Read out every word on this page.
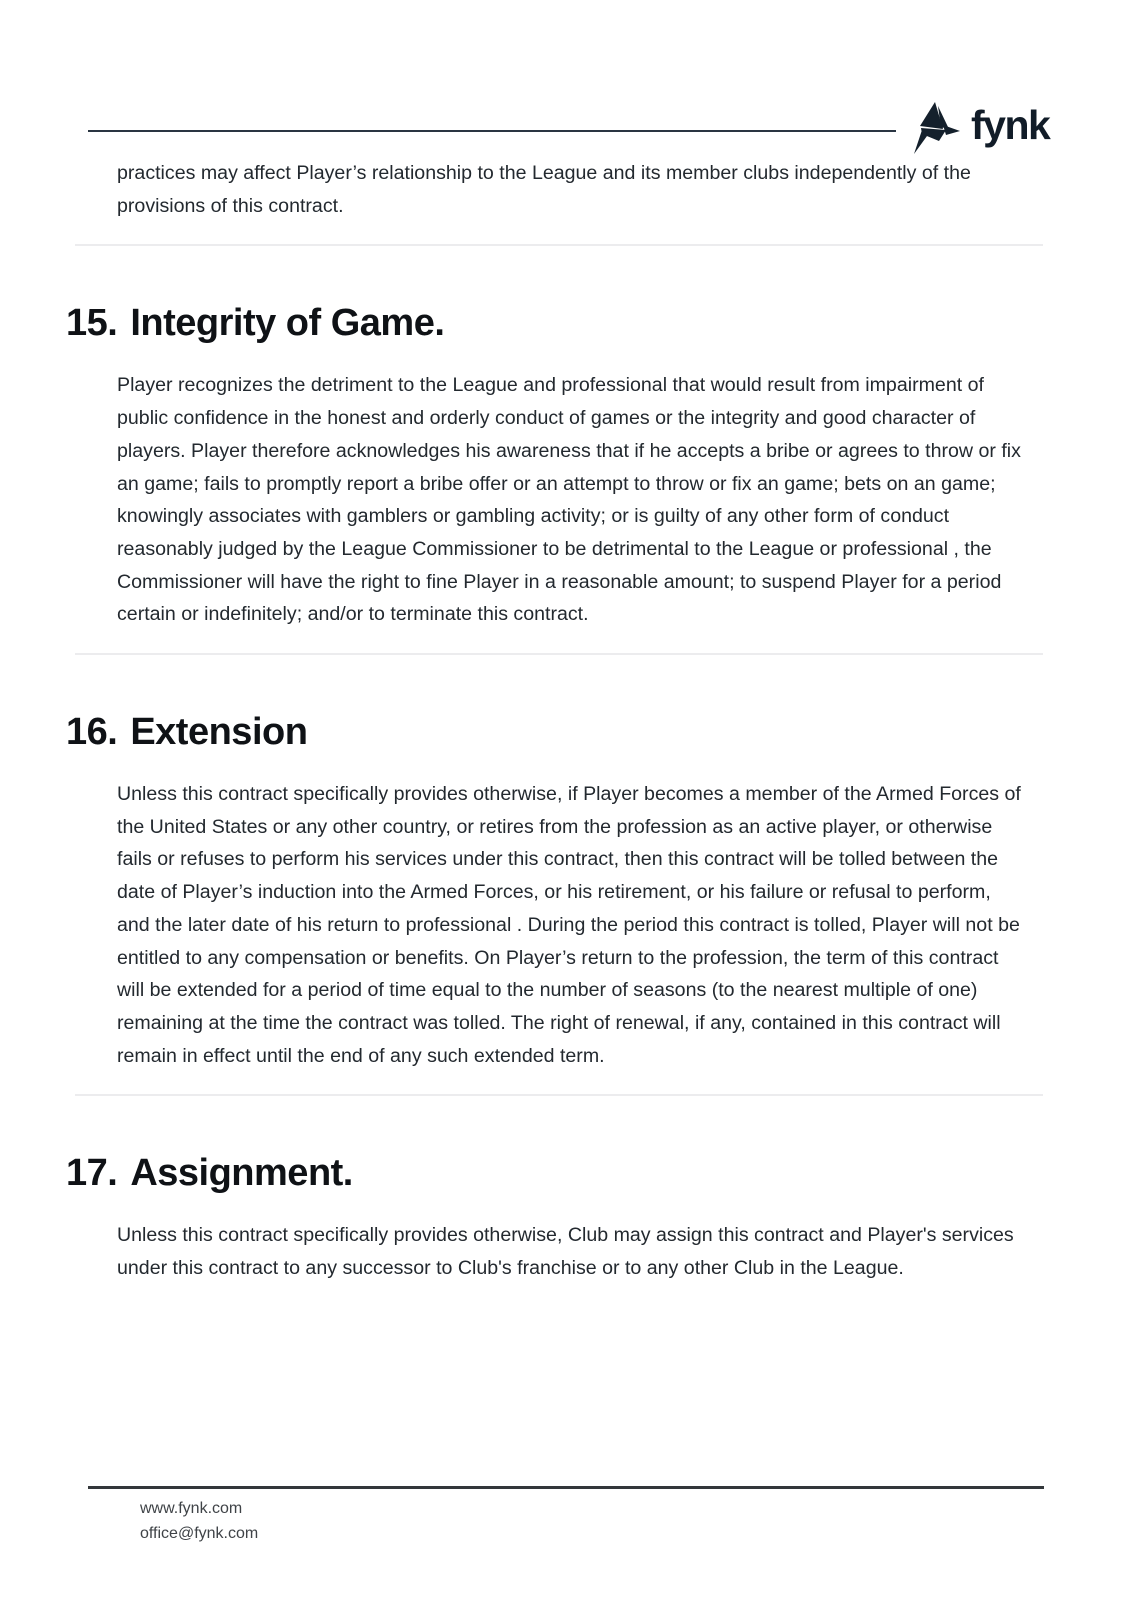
fynk

practices may affect Player’s relationship to the League and its member clubs independently of the provisions of this contract.

15. Integrity of Game.

Player recognizes the detriment to the League and professional that would result from impairment of public confidence in the honest and orderly conduct of games or the integrity and good character of players. Player therefore acknowledges his awareness that if he accepts a bribe or agrees to throw or fix an game; fails to promptly report a bribe offer or an attempt to throw or fix an game; bets on an game; knowingly associates with gamblers or gambling activity; or is guilty of any other form of conduct reasonably judged by the League Commissioner to be detrimental to the League or professional , the Commissioner will have the right to fine Player in a reasonable amount; to suspend Player for a period certain or indefinitely; and/or to terminate this contract.

16. Extension

Unless this contract specifically provides otherwise, if Player becomes a member of the Armed Forces of the United States or any other country, or retires from the profession as an active player, or otherwise fails or refuses to perform his services under this contract, then this contract will be tolled between the date of Player’s induction into the Armed Forces, or his retirement, or his failure or refusal to perform, and the later date of his return to professional . During the period this contract is tolled, Player will not be entitled to any compensation or benefits. On Player’s return to the profession, the term of this contract will be extended for a period of time equal to the number of seasons (to the nearest multiple of one) remaining at the time the contract was tolled. The right of renewal, if any, contained in this contract will remain in effect until the end of any such extended term.

17. Assignment.

Unless this contract specifically provides otherwise, Club may assign this contract and Player's services under this contract to any successor to Club's franchise or to any other Club in the League.

www.fynk.com
office@fynk.com
